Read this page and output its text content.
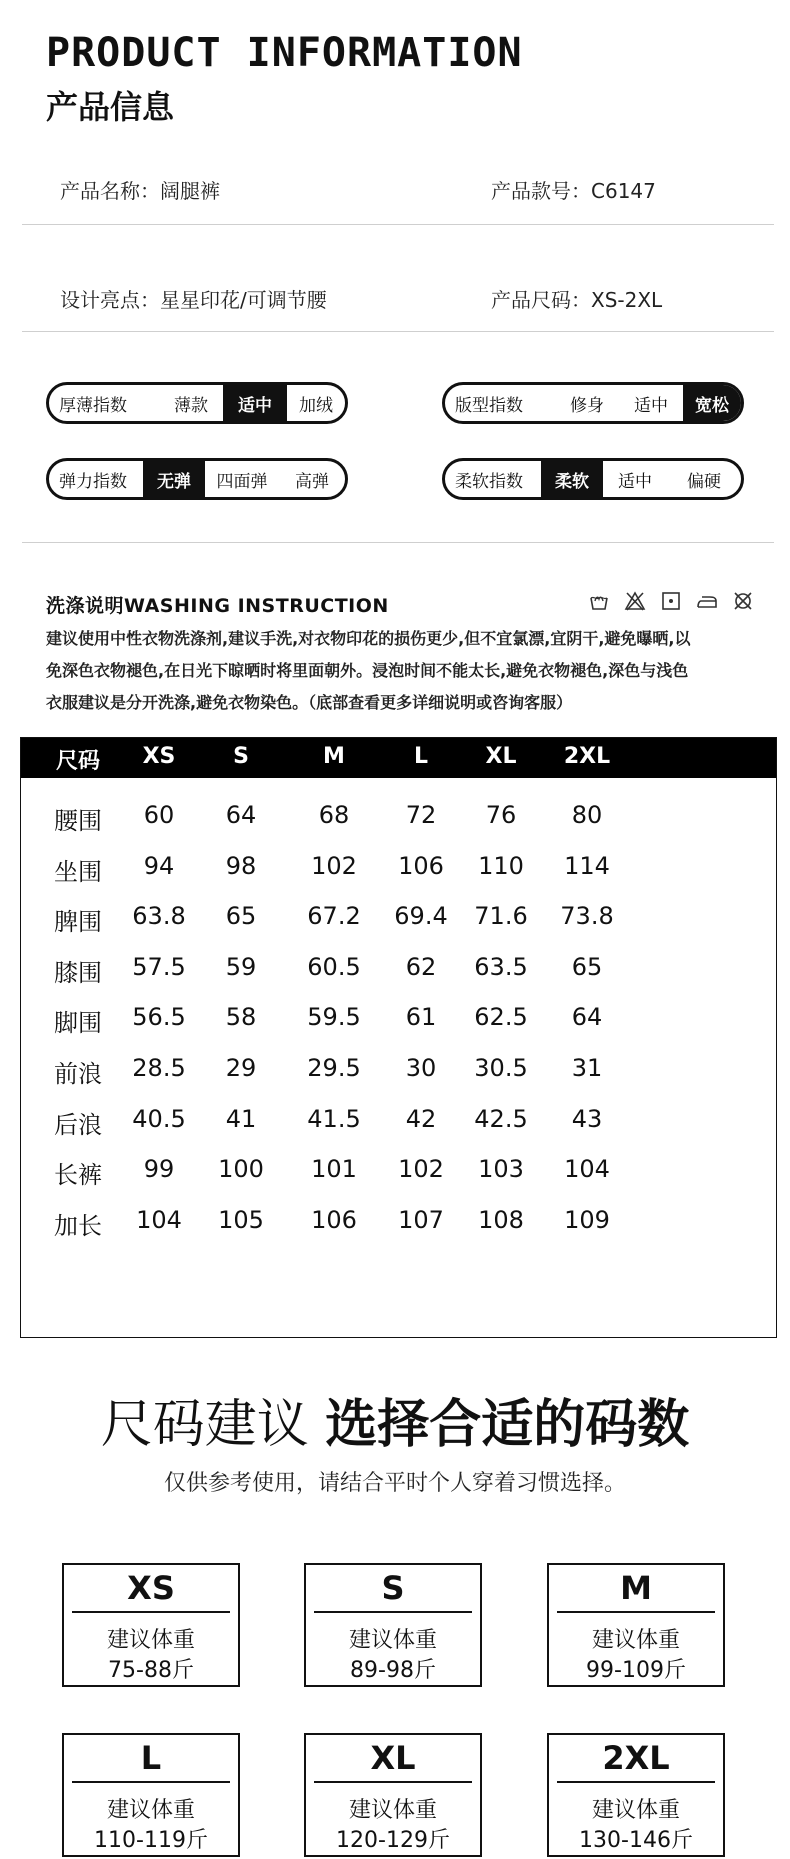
PRODUCT INFORMATION
产品信息
产品名称：阔腿裤	产品款号：C6147
设计亮点：星星印花/可调节腰	产品尺码：XS-2XL
厚薄指数	薄款	适中	加绒	版型指数	修身	适中	宽松
弹力指数	无弹	四面弹	高弹	柔软指数	柔软	适中	偏硬
洗涤说明WASHING INSTRUCTION
建议使用中性衣物洗涤剂,建议手洗,对衣物印花的损伤更少,但不宜氯漂,宜阴干,避免曝晒,以
免深色衣物褪色,在日光下晾晒时将里面朝外。浸泡时间不能太长,避免衣物褪色,深色与浅色
衣服建议是分开洗涤,避免衣物染色。（底部查看更多详细说明或咨询客服）
尺码 XS	S	M	L	XL 2XL
腰围 60 64	68 72 76 80
坐围 94 98 102 106 110 114
脾围 63.8 65 67.2 69.4 71.6 73.8
膝围 57.5 59 60.5 62 63.5 65
脚围 56.5 58 59.5 61 62.5 64
前浪 28.5 29 29.5 30 30.5 31
后浪 40.5 41 41.5 42 42.5 43
长裤 99 100 101 102 103 104
加长 104 105 106 107 108 109
尺码建议 选择合适的码数
仅供参考使用，请结合平时个人穿着习惯选择。
XS
建议体重
75-88斤
S
建议体重
89-98斤
M
建议体重
99-109斤
L
建议体重
110-119斤
XL
建议体重
120-129斤
2XL
建议体重
130-146斤
